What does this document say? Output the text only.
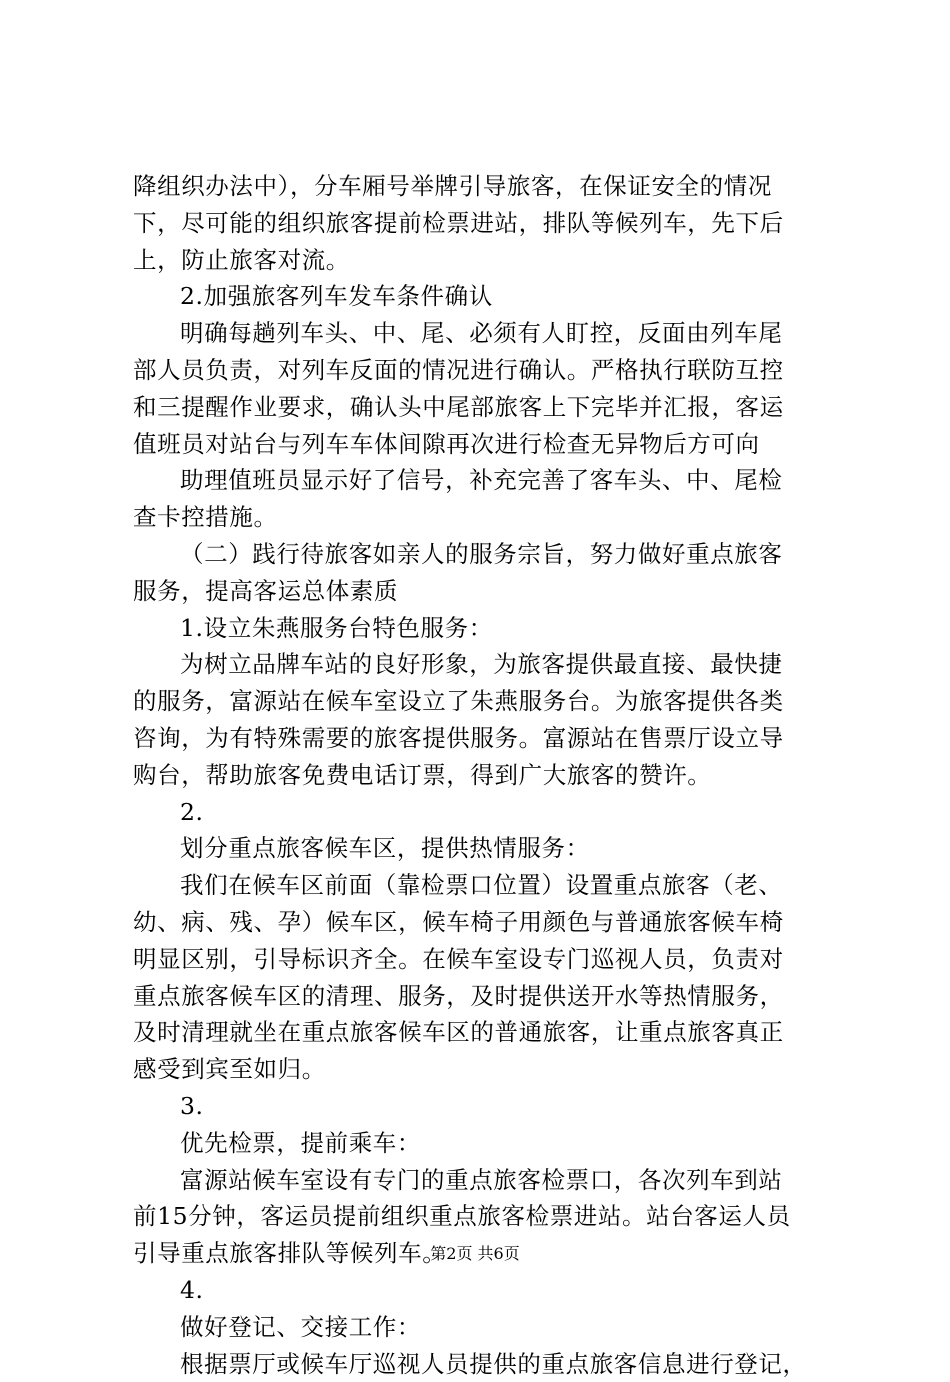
降组织办法中），分车厢号举牌引导旅客，在保证安全的情况
下，尽可能的组织旅客提前检票进站，排队等候列车，先下后
上，防止旅客对流。
2.加强旅客列车发车条件确认
明确每趟列车头、中、尾、必须有人盯控，反面由列车尾
部人员负责，对列车反面的情况进行确认。严格执行联防互控
和三提醒作业要求，确认头中尾部旅客上下完毕并汇报，客运
值班员对站台与列车车体间隙再次进行检查无异物后方可向
助理值班员显示好了信号，补充完善了客车头、中、尾检
查卡控措施。
（二）践行待旅客如亲人的服务宗旨，努力做好重点旅客
服务，提高客运总体素质
1.设立朱燕服务台特色服务：
为树立品牌车站的良好形象，为旅客提供最直接、最快捷
的服务，富源站在候车室设立了朱燕服务台。为旅客提供各类
咨询，为有特殊需要的旅客提供服务。富源站在售票厅设立导
购台，帮助旅客免费电话订票，得到广大旅客的赞许。
2.
划分重点旅客候车区，提供热情服务：
我们在候车区前面（靠检票口位置）设置重点旅客（老、
幼、病、残、孕）候车区，候车椅子用颜色与普通旅客候车椅
明显区别，引导标识齐全。在候车室设专门巡视人员，负责对
重点旅客候车区的清理、服务，及时提供送开水等热情服务，
及时清理就坐在重点旅客候车区的普通旅客，让重点旅客真正
感受到宾至如归。
3.
优先检票，提前乘车：
富源站候车室设有专门的重点旅客检票口，各次列车到站
前15分钟，客运员提前组织重点旅客检票进站。站台客运人员
引导重点旅客排队等候列车。
4.
做好登记、交接工作：
根据票厅或候车厅巡视人员提供的重点旅客信息进行登记，
第2页 共6页
